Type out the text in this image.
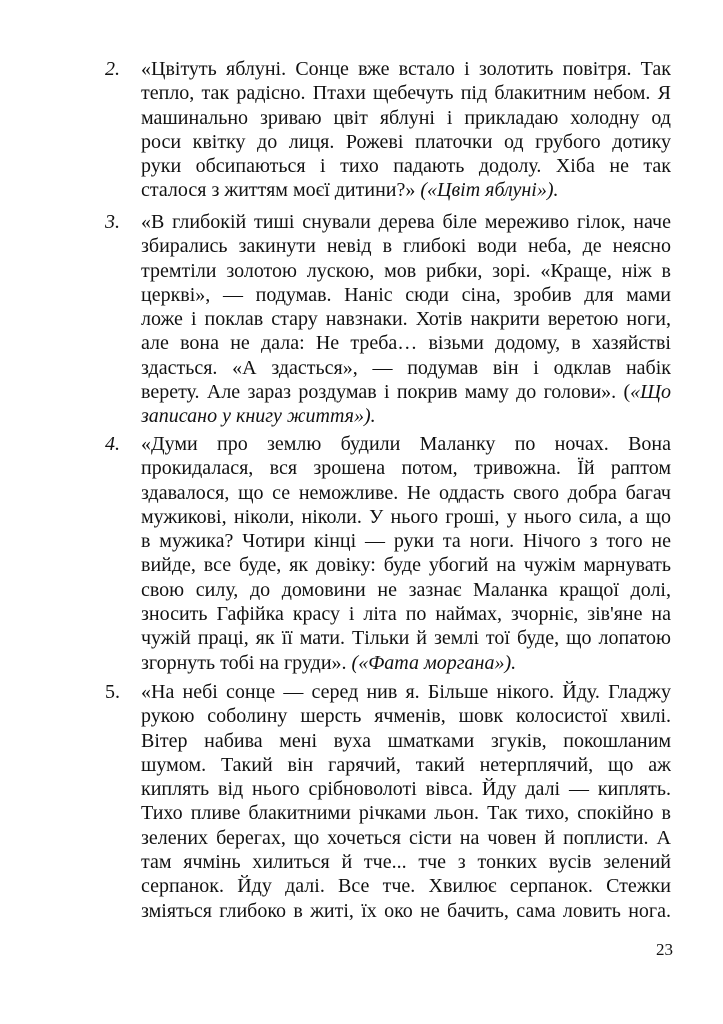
2.	«Цвітуть яблуні. Сонце вже встало і золотить повітря. Так
тепло, так радісно. Птахи щебечуть під блакитним небом. Я
машинально зриваю цвіт яблуні і прикладаю холодну од
роси квітку до лиця. Рожеві платочки од грубого дотику
руки обсипаються і тихо падають додолу. Хіба не так
сталося з життям моєї дитини?» («Цвіт яблуні»).
3.	«В глибокій тиші снували дерева біле мереживо гілок, наче
збирались закинути невід в глибокі води неба, де неясно
тремтіли золотою лускою, мов рибки, зорі. «Краще, ніж в
церкві», — подумав. Наніс сюди сіна, зробив для мами
ложе і поклав стару навзнаки. Хотів накрити веретою ноги,
але вона не дала: Не треба… візьми додому, в хазяйстві
здасться. «А здасться», — подумав він і одклав набік
верету. Але зараз роздумав і покрив маму до голови». («Що
записано у книгу життя»).
4.	«Думи про землю будили Маланку по ночах. Вона
прокидалася, вся зрошена потом, тривожна. Їй раптом
здавалося, що се неможливе. Не оддасть свого добра багач
мужикові, ніколи, ніколи. У нього гроші, у нього сила, а що
в мужика? Чотири кінці — руки та ноги. Нічого з того не
вийде, все буде, як довіку: буде убогий на чужім марнувать
свою силу, до домовини не зазнає Маланка кращої долі,
зносить Гафійка красу і літа по наймах, зчорніє, зів'яне на
чужій праці, як її мати. Тільки й землі тої буде, що лопатою
згорнуть тобі на груди». («Фата моргана»).
5.	«На небі сонце — серед нив я. Більше нікого. Йду. Гладжу
рукою соболину шерсть ячменів, шовк колосистої хвилі.
Вітер набива мені вуха шматками згуків, покошланим
шумом. Такий він гарячий, такий нетерплячий, що аж
киплять від нього срібноволоті вівса. Йду далі — киплять.
Тихо пливе блакитними річками льон. Так тихо, спокійно в
зелених берегах, що хочеться сісти на човен й поплисти. А
там ячмінь хилиться й тче... тче з тонких вусів зелений
серпанок. Йду далі. Все тче. Хвилює серпанок. Стежки
зміяться глибоко в житі, їх око не бачить, сама ловить нога.
23
